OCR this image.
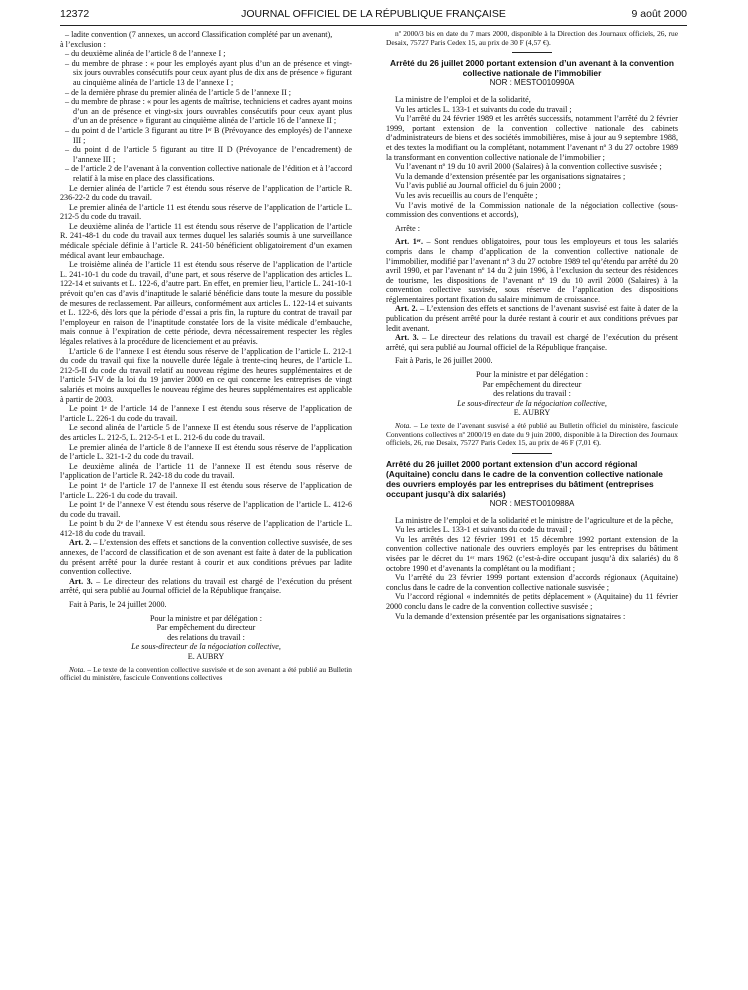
12372	JOURNAL OFFICIEL DE LA RÉPUBLIQUE FRANÇAISE	9 août 2000

– ladite convention (7 annexes, un accord Classification complété par un avenant),

à l’exclusion :

– du deuxième alinéa de l’article 8 de l’annexe I ;

– du membre de phrase : « pour les employés ayant plus d’un an de présence et vingt-six jours ouvrables consécutifs pour ceux ayant plus de dix ans de présence » figurant au cinquième alinéa de l’article 13 de l’annexe I ;

– de la dernière phrase du premier alinéa de l’article 5 de l’annexe II ;

– du membre de phrase : « pour les agents de maîtrise, techniciens et cadres ayant moins d’un an de présence et vingt-six jours ouvrables consécutifs pour ceux ayant plus d’un an de présence » figurant au cinquième alinéa de l’article 16 de l’annexe II ;

– du point d de l’article 3 figurant au titre Iᵉʳ B (Prévoyance des employés) de l’annexe III ;

– du point d de l’article 5 figurant au titre II D (Prévoyance de l’encadrement) de l’annexe III ;

– de l’article 2 de l’avenant à la convention collective nationale de l’édition et à l’accord relatif à la mise en place des classifications.

Le dernier alinéa de l’article 7 est étendu sous réserve de l’application de l’article R. 236-22-2 du code du travail.

Le premier alinéa de l’article 11 est étendu sous réserve de l’application de l’article L. 212-5 du code du travail.

Le deuxième alinéa de l’article 11 est étendu sous réserve de l’application de l’article R. 241-48-1 du code du travail aux termes duquel les salariés soumis à une surveillance médicale spéciale définie à l’article R. 241-50 bénéficient obligatoirement d’un examen médical avant leur embauchage.

Le troisième alinéa de l’article 11 est étendu sous réserve de l’application de l’article L. 241-10-1 du code du travail, d’une part, et sous réserve de l’application des articles L. 122-14 et suivants et L. 122-6, d’autre part. En effet, en premier lieu, l’article L. 241-10-1 prévoit qu’en cas d’avis d’inaptitude le salarié bénéficie dans toute la mesure du possible de mesures de reclassement. Par ailleurs, conformément aux articles L. 122-14 et suivants et L. 122-6, dès lors que la période d’essai a pris fin, la rupture du contrat de travail par l’employeur en raison de l’inaptitude constatée lors de la visite médicale d’embauche, mais connue à l’expiration de cette période, devra nécessairement respecter les règles légales relatives à la procédure de licenciement et au préavis.

L’article 6 de l’annexe I est étendu sous réserve de l’application de l’article L. 212-1 du code du travail qui fixe la nouvelle durée légale à trente-cinq heures, de l’article L. 212-5-II du code du travail relatif au nouveau régime des heures supplémentaires et de l’article 5-IV de la loi du 19 janvier 2000 en ce qui concerne les entreprises de vingt salariés et moins auxquelles le nouveau régime des heures supplémentaires est applicable à partir de 2003.

Le point 1ᵉ de l’article 14 de l’annexe I est étendu sous réserve de l’application de l’article L. 226-1 du code du travail.

Le second alinéa de l’article 5 de l’annexe II est étendu sous réserve de l’application des articles L. 212-5, L. 212-5-1 et L. 212-6 du code du travail.

Le premier alinéa de l’article 8 de l’annexe II est étendu sous réserve de l’application de l’article L. 321-1-2 du code du travail.

Le deuxième alinéa de l’article 11 de l’annexe II est étendu sous réserve de l’application de l’article R. 242-18 du code du travail.

Le point 1ᵉ de l’article 17 de l’annexe II est étendu sous réserve de l’application de l’article L. 226-1 du code du travail.

Le point 1ᵉ de l’annexe V est étendu sous réserve de l’application de l’article L. 412-6 du code du travail.

Le point b du 2ᵉ de l’annexe V est étendu sous réserve de l’application de l’article L. 412-18 du code du travail.

Art. 2. – L’extension des effets et sanctions de la convention collective susvisée, de ses annexes, de l’accord de classification et de son avenant est faite à dater de la publication du présent arrêté pour la durée restant à courir et aux conditions prévues par ladite convention collective.

Art. 3. – Le directeur des relations du travail est chargé de l’exécution du présent arrêté, qui sera publié au Journal officiel de la République française.

Fait à Paris, le 24 juillet 2000.

Pour la ministre et par délégation :

Par empêchement du directeur

des relations du travail :

Le sous-directeur de la négociation collective,

E. AUBRY

Nota. – Le texte de la convention collective susvisée et de son avenant a été publié au Bulletin officiel du ministère, fascicule Conventions collectives

nº 2000/3 bis en date du 7 mars 2000, disponible à la Direction des Journaux officiels, 26, rue Desaix, 75727 Paris Cedex 15, au prix de 30 F (4,57 €).

Arrêté du 26 juillet 2000 portant extension d’un avenant à la convention collective nationale de l’immobilier

NOR : MESTO010990A

La ministre de l’emploi et de la solidarité,

Vu les articles L. 133-1 et suivants du code du travail ;

Vu l’arrêté du 24 février 1989 et les arrêtés successifs, notamment l’arrêté du 2 février 1999, portant extension de la convention collective nationale des cabinets d’administrateurs de biens et des sociétés immobilières, mise à jour au 9 septembre 1988, et des textes la modifiant ou la complétant, notamment l’avenant nº 3 du 27 octobre 1989 la transformant en convention collective nationale de l’immobilier ;

Vu l’avenant nº 19 du 10 avril 2000 (Salaires) à la convention collective susvisée ;

Vu la demande d’extension présentée par les organisations signataires ;

Vu l’avis publié au Journal officiel du 6 juin 2000 ;

Vu les avis recueillis au cours de l’enquête ;

Vu l’avis motivé de la Commission nationale de la négociation collective (sous-commission des conventions et accords),

Arrête :

Art. 1ᵉʳ. – Sont rendues obligatoires, pour tous les employeurs et tous les salariés compris dans le champ d’application de la convention collective nationale de l’immobilier, modifié par l’avenant nº 3 du 27 octobre 1989 tel qu’étendu par arrêté du 20 avril 1990, et par l’avenant nº 14 du 2 juin 1996, à l’exclusion du secteur des résidences de tourisme, les dispositions de l’avenant nº 19 du 10 avril 2000 (Salaires) à la convention collective susvisée, sous réserve de l’application des dispositions réglementaires portant fixation du salaire minimum de croissance.

Art. 2. – L’extension des effets et sanctions de l’avenant susvisé est faite à dater de la publication du présent arrêté pour la durée restant à courir et aux conditions prévues par ledit avenant.

Art. 3. – Le directeur des relations du travail est chargé de l’exécution du présent arrêté, qui sera publié au Journal officiel de la République française.

Fait à Paris, le 26 juillet 2000.

Pour la ministre et par délégation :

Par empêchement du directeur

des relations du travail :

Le sous-directeur de la négociation collective,

E. AUBRY

Nota. – Le texte de l’avenant susvisé a été publié au Bulletin officiel du ministère, fascicule Conventions collectives nº 2000/19 en date du 9 juin 2000, disponible à la Direction des Journaux officiels, 26, rue Desaix, 75727 Paris Cedex 15, au prix de 46 F (7,01 €).

Arrêté du 26 juillet 2000 portant extension d’un accord régional (Aquitaine) conclu dans le cadre de la convention collective nationale des ouvriers employés par les entreprises du bâtiment (entreprises occupant jusqu’à dix salariés)

NOR : MESTO010988A

La ministre de l’emploi et de la solidarité et le ministre de l’agriculture et de la pêche,

Vu les articles L. 133-1 et suivants du code du travail ;

Vu les arrêtés des 12 février 1991 et 15 décembre 1992 portant extension de la convention collective nationale des ouvriers employés par les entreprises du bâtiment visées par le décret du 1ᵉʳ mars 1962 (c’est-à-dire occupant jusqu’à dix salariés) du 8 octobre 1990 et d’avenants la complétant ou la modifiant ;

Vu l’arrêté du 23 février 1999 portant extension d’accords régionaux (Aquitaine) conclus dans le cadre de la convention collective nationale susvisée ;

Vu l’accord régional « indemnités de petits déplacement » (Aquitaine) du 11 février 2000 conclu dans le cadre de la convention collective susvisée ;

Vu la demande d’extension présentée par les organisations signataires :
